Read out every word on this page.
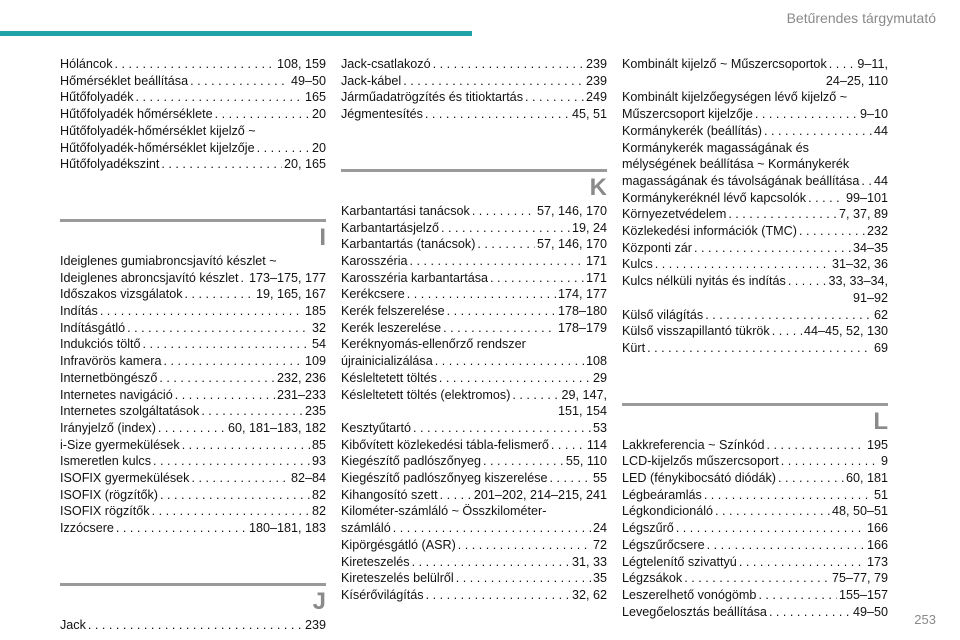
Betűrendes tárgymutató
Hóláncok . . .	108, 159
Hőmérséklet beállítása . . .	49–50
Hűtőfolyadék . . .	165
Hűtőfolyadék hőmérséklete . . .	20
Hűtőfolyadék-hőmérséklet kijelző ~
Hűtőfolyadék-hőmérséklet kijelzője . . .	20
Hűtőfolyadékszint . . .	20, 165
I
Ideiglenes gumiabroncsjavító készlet ~
Ideiglenes abroncsjavító készlet . . . 173–175, 177
Időszakos vizsgálatok . . .	19, 165, 167
Indítás . . .	185
Indításgátló . . .	32
Indukciós töltő . . .	54
Infravörös kamera . . .	109
Internetböngésző . . .	232, 236
Internetes navigáció . . .	231–233
Internetes szolgáltatások . . .	235
Irányjelző (index) . . .	60, 181–183, 182
i-Size gyermekülések . . .	85
Ismeretlen kulcs . . .	93
ISOFIX gyermekülések . . .	82–84
ISOFIX (rögzítők) . . .	82
ISOFIX rögzítők . . .	82
Izzócsere . . .	180–181, 183
J
Jack . . .	239
Jack-csatlakozó . . .	239
Jack-kábel . . .	239
Járműadatrögzítés és titioktartás . . .	249
Jégmentesítés . . .	45, 51
K
Karbantartási tanácsok . . .	57, 146, 170
Karbantartásjelző . . .	19, 24
Karbantartás (tanácsok) . . .	57, 146, 170
Karosszéria . . .	171
Karosszéria karbantartása . . .	171
Kerékcsere . . .	174, 177
Kerék felszerelése . . .	178–180
Kerék leszerelése . . .	178–179
Keréknyomás-ellenőrző rendszer
újrainicializálása . . .	108
Késleltetett töltés . . .	29
Késleltetett töltés (elektromos) . . .	29, 147,
151, 154
Kesztyűtartó . . .	53
Kibővített közlekedési tábla-felismerő . . .	114
Kiegészítő padlószőnyeg . . .	55, 110
Kiegészítő padlószőnyeg kiszerelése . . .	55
Kihangosító szett . . .	201–202, 214–215, 241
Kilométer-számláló ~ Összkilométer-
számláló . . .	24
Kipörgésgátló (ASR) . . .	72
Kireteszelés . . .	31, 33
Kireteszelés belülről . . .	35
Kísérővilágítás . . .	32, 62
Kombinált kijelző ~ Műszercsoportok . . . 9–11,
24–25, 110
Kombinált kijelzőegységen lévő kijelző ~
Műszercsoport kijelzője . . .	9–10
Kormánykerék (beállítás) . . .	44
Kormánykerék magasságának és
mélységének beállítása ~ Kormánykerék
magasságának és távolságának beállítása . . . 44
Kormánykeréknél lévő kapcsolók . . .	99–101
Környezetvédelem . . .	7, 37, 89
Közlekedési információk (TMC) . . .	232
Központi zár . . .	34–35
Kulcs . . .	31–32, 36
Kulcs nélküli nyitás és indítás . . .	33, 33–34,
91–92
Külső világítás . . .	62
Külső visszapillantó tükrök . . .	44–45, 52, 130
Kürt . . .	69
L
Lakkreferencia ~ Színkód . . .	195
LCD-kijelzős műszercsoport . . .	9
LED (fénykibocsátó diódák) . . .	60, 181
Légbeáramlás . . .	51
Légkondicionáló . . .	48, 50–51
Légszűrő . . .	166
Légszűrőcsere . . .	166
Légtelenítő szivattyú . . .	173
Légzsákok . . .	75–77, 79
Leszerelhető vonógömb . . .	155–157
Levegőelosztás beállítása . . .	49–50
253
